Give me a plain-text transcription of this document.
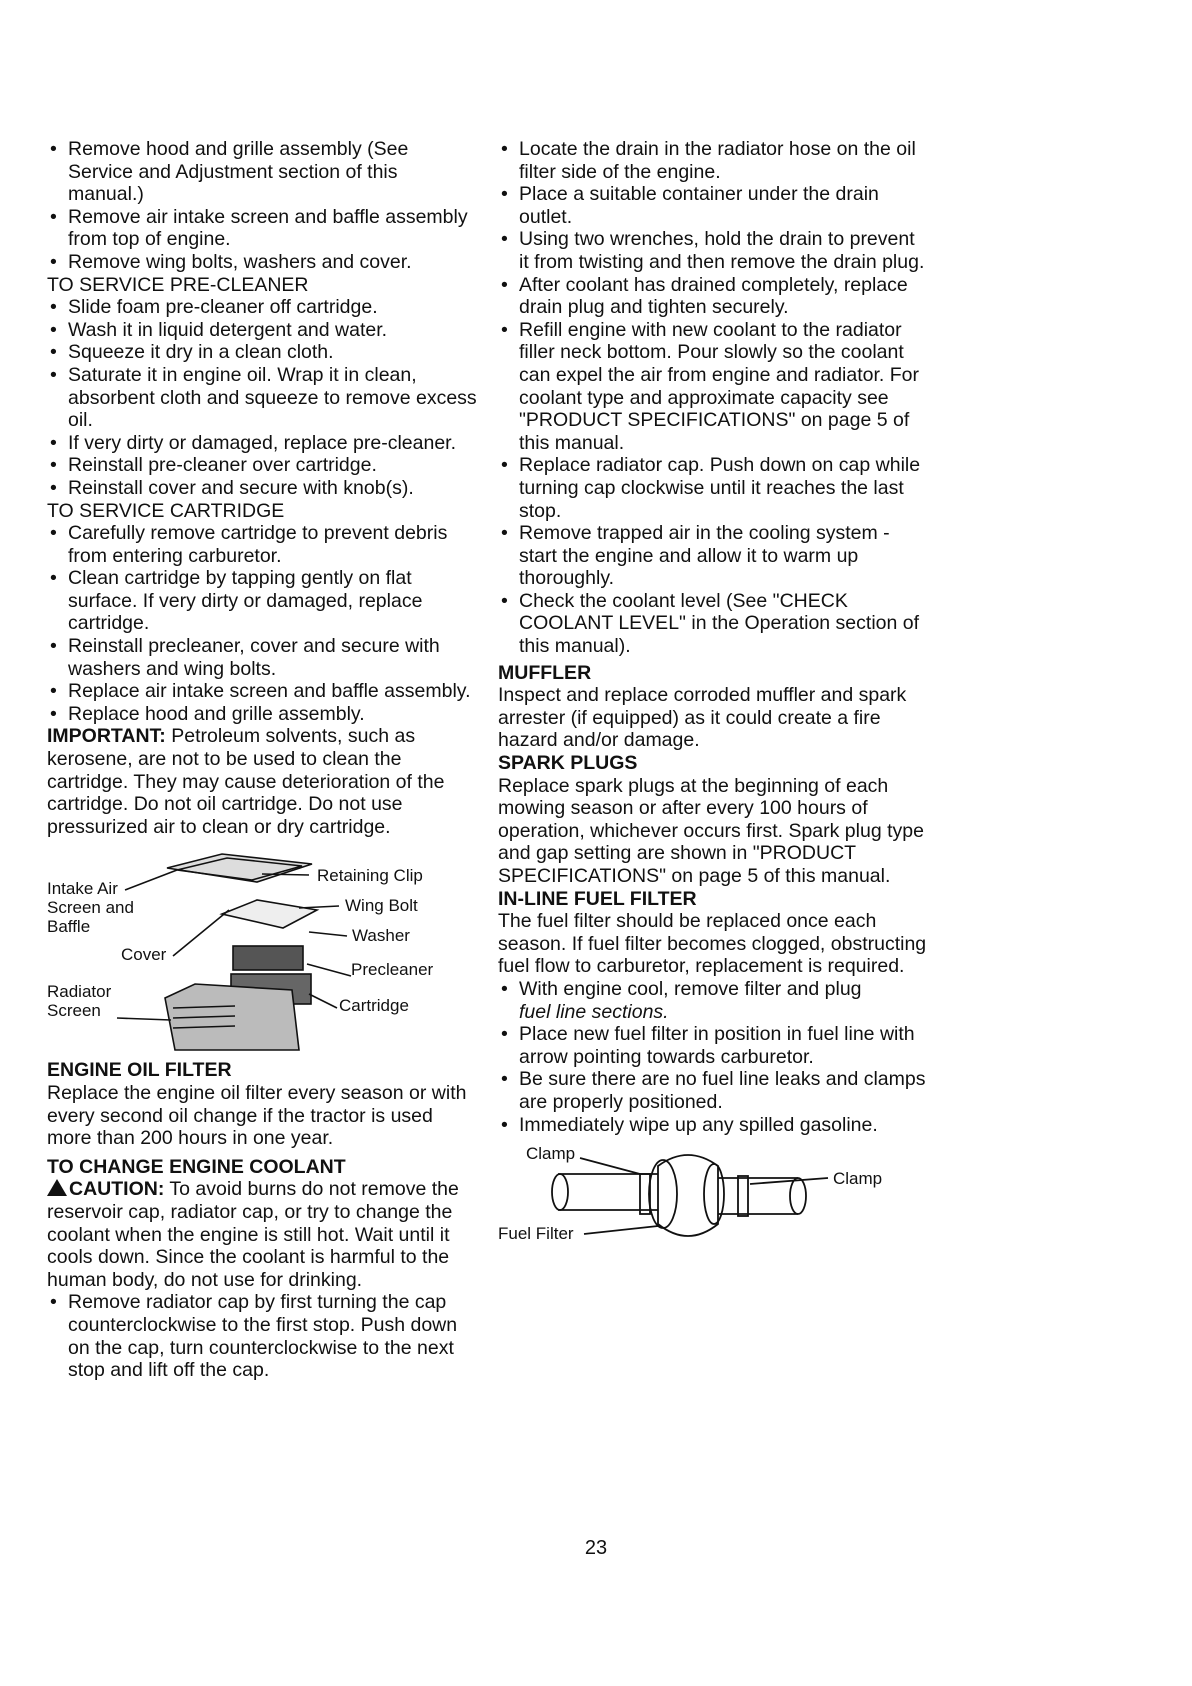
• Remove hood and grille assembly (See Service and Adjustment section of this manual.)
• Remove air intake screen and baffle assembly from top of engine.
• Remove wing bolts, washers and cover.

TO SERVICE PRE-CLEANER

• Slide foam pre-cleaner off cartridge.
• Wash it in liquid detergent and water.
• Squeeze it dry in a clean cloth.
• Saturate it in engine oil. Wrap it in clean, absorbent cloth and squeeze to remove excess oil.
• If very dirty or damaged, replace pre-cleaner.
• Reinstall pre-cleaner over cartridge.
• Reinstall cover and secure with knob(s).

TO SERVICE CARTRIDGE

• Carefully remove cartridge to prevent debris from entering carburetor.
• Clean cartridge by tapping gently on flat surface. If very dirty or damaged, replace cartridge.
• Reinstall precleaner, cover and secure with washers and wing bolts.
• Replace air intake screen and baffle assembly.
• Replace hood and grille assembly.

IMPORTANT: Petroleum solvents, such as kerosene, are not to be used to clean the cartridge. They may cause deterioration of the cartridge. Do not oil cartridge. Do not use pressurized air to clean or dry cartridge.

Intake Air Screen and Baffle
Cover
Radiator Screen
Retaining Clip
Wing Bolt
Washer
Precleaner
Cartridge

ENGINE OIL FILTER

Replace the engine oil filter every season or with every second oil change if the tractor is used more than 200 hours in one year.

TO CHANGE ENGINE COOLANT

CAUTION: To avoid burns do not remove the reservoir cap, radiator cap, or try to change the coolant when the engine is still hot. Wait until it cools down. Since the coolant is harmful to the human body, do not use for drinking.

• Remove radiator cap by first turning the cap counterclockwise to the first stop. Push down on the cap, turn counterclockwise to the next stop and lift off the cap.
• Locate the drain in the radiator hose on the oil filter side of the engine.
• Place a suitable container under the drain outlet.
• Using two wrenches, hold the drain to prevent it from twisting and then remove the drain plug.
• After coolant has drained completely, replace drain plug and tighten securely.
• Refill engine with new coolant to the radiator filler neck bottom. Pour slowly so the coolant can expel the air from engine and radiator. For coolant type and approximate capacity see "PRODUCT SPECIFICATIONS" on page 5 of this manual.
• Replace radiator cap. Push down on cap while turning cap clockwise until it reaches the last stop.
• Remove trapped air in the cooling system - start the engine and allow it to warm up thoroughly.
• Check the coolant level (See "CHECK COOLANT LEVEL" in the Operation section of this manual).

MUFFLER

Inspect and replace corroded muffler and spark arrester (if equipped) as it could create a fire hazard and/or damage.

SPARK PLUGS

Replace spark plugs at the beginning of each mowing season or after every 100 hours of operation, whichever occurs first. Spark plug type and gap setting are shown in "PRODUCT SPECIFICATIONS" on page 5 of this manual.

IN-LINE FUEL FILTER

The fuel filter should be replaced once each season. If fuel filter becomes clogged, obstructing fuel flow to carburetor, replacement is required.

• With engine cool, remove filter and plug
fuel line sections.
• Place new fuel filter in position in fuel line with arrow pointing towards carburetor.
• Be sure there are no fuel line leaks and clamps are properly positioned.
• Immediately wipe up any spilled gasoline.
Clamp
Clamp
Fuel Filter
23
